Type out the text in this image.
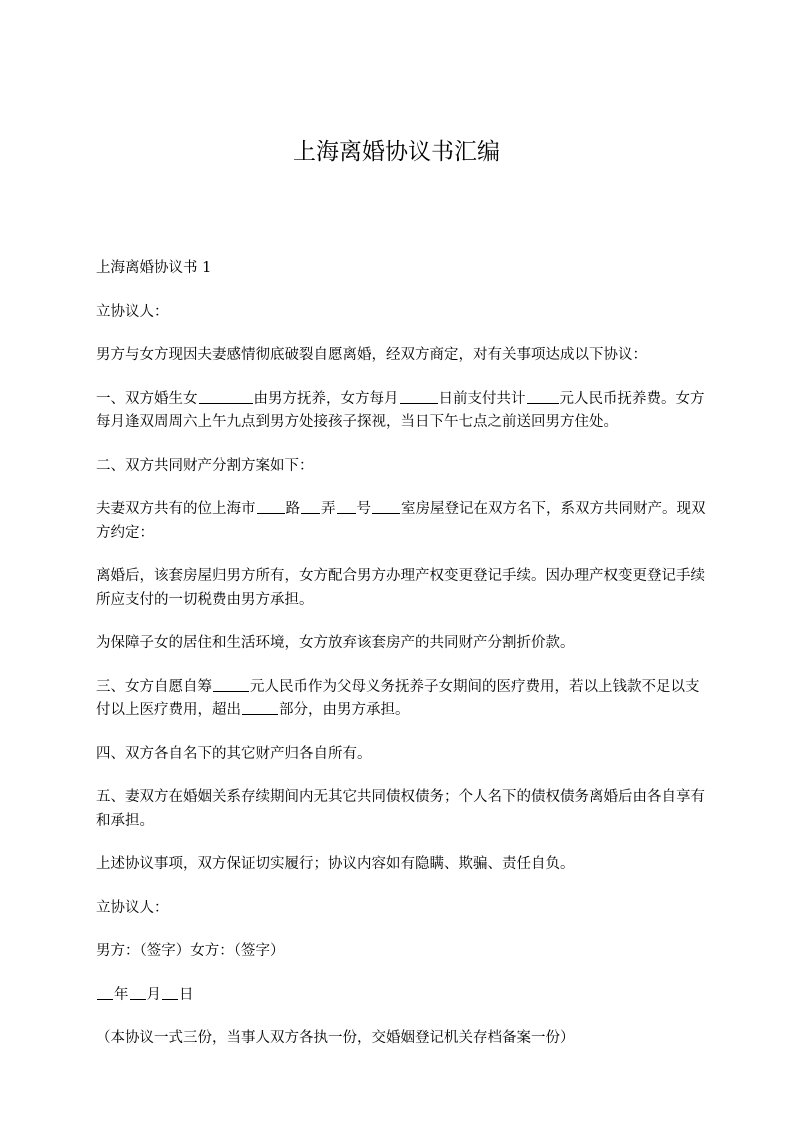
上海离婚协议书汇编

上海离婚协议书 1

立协议人：

男方与女方现因夫妻感情彻底破裂自愿离婚，经双方商定，对有关事项达成以下协议：

一、双方婚生女	由男方抚养，女方每月	日前支付共计 元人民币抚养费。女方每月逢双周周六上午九点到男方处接孩子探视，当日下午七点之前送回男方住处。

二、双方共同财产分割方案如下：

夫妻双方共有的位上海市 路 弄 号 室房屋登记在双方名下，系双方共同财产。现双方约定：

离婚后，该套房屋归男方所有，女方配合男方办理产权变更登记手续。因办理产权变更登记手续所应支付的一切税费由男方承担。

为保障子女的居住和生活环境，女方放弃该套房产的共同财产分割折价款。

三、女方自愿自筹	元人民币作为父母义务抚养子女期间的医疗费用，若以上钱款不足以支付以上医疗费用，超出	部分，由男方承担。

四、双方各自名下的其它财产归各自所有。

五、妻双方在婚姻关系存续期间内无其它共同债权债务；个人名下的债权债务离婚后由各自享有和承担。

上述协议事项，双方保证切实履行；协议内容如有隐瞒、欺骗、责任自负。

立协议人：

男方：（签字）女方：（签字）

年 月 日

（本协议一式三份，当事人双方各执一份，交婚姻登记机关存档备案一份）
